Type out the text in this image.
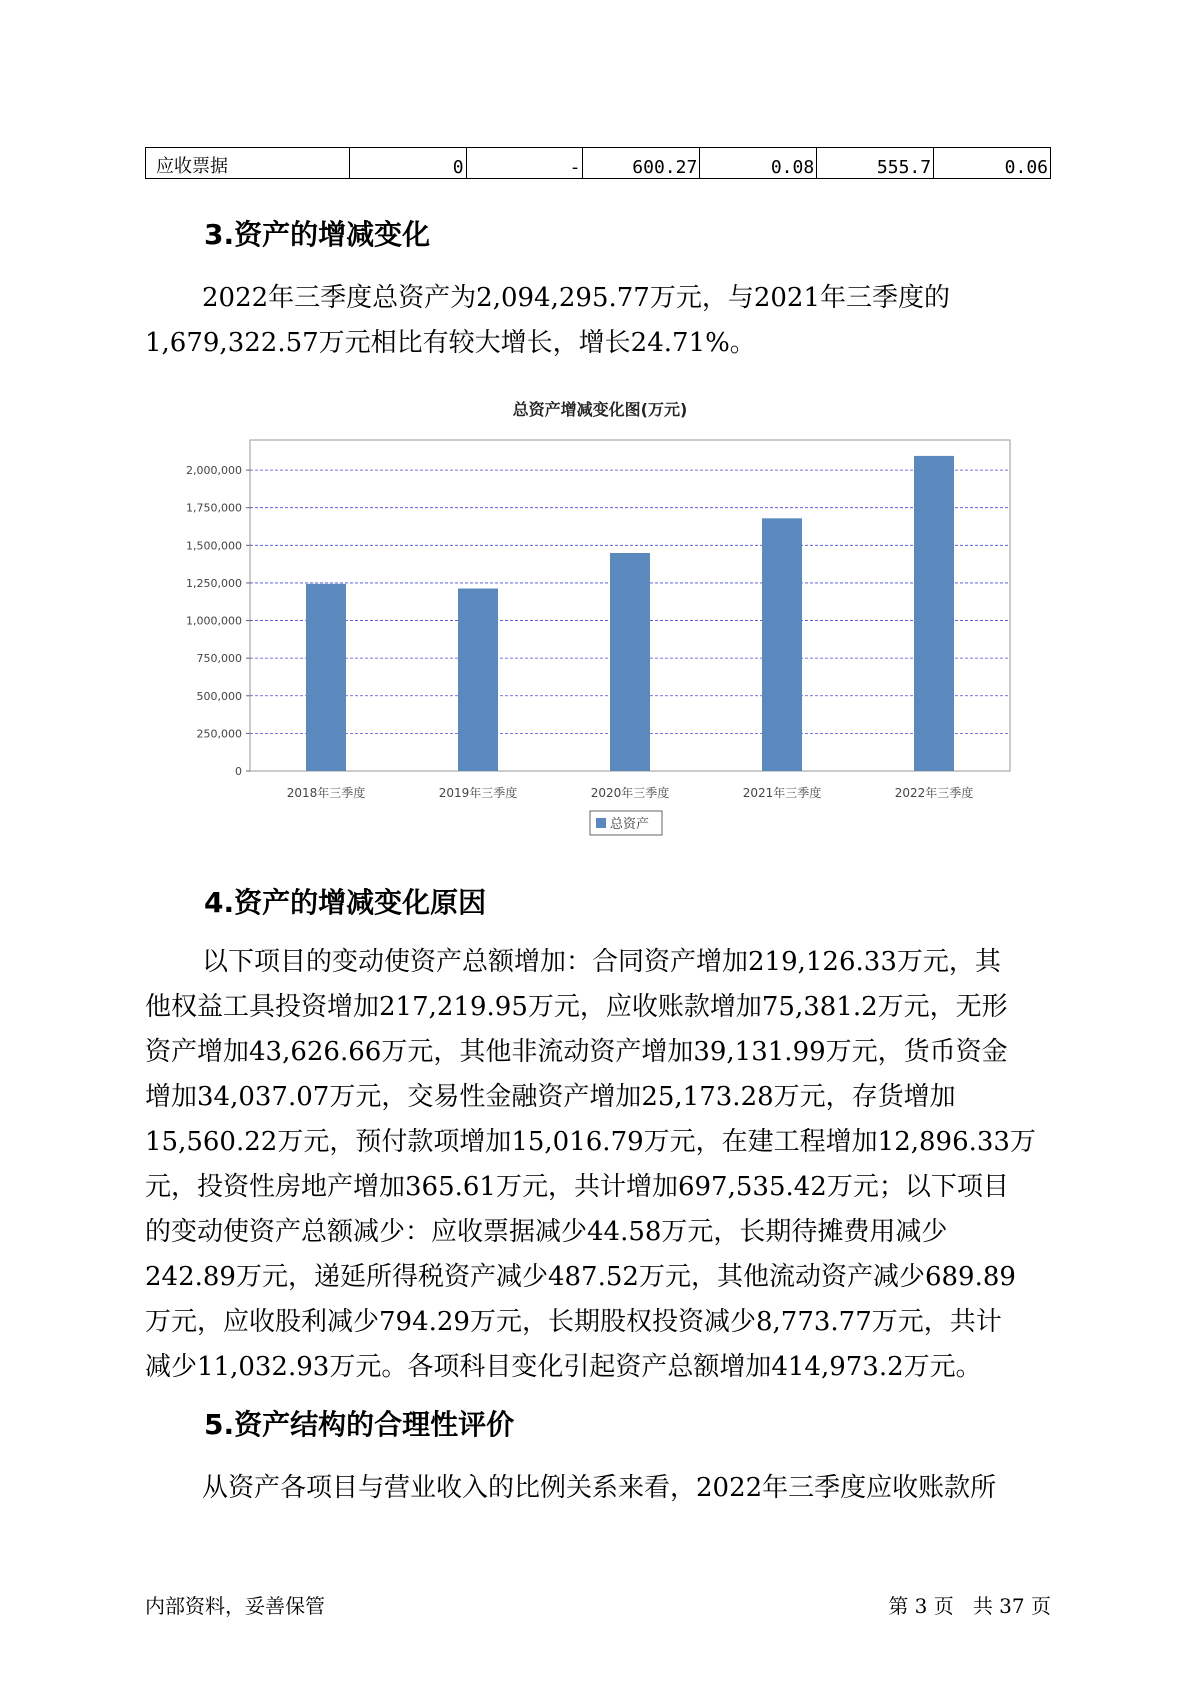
应收票据	0	-	600.27	0.08	555.7	0.06
3.资产的增减变化

2022年三季度总资产为2,094,295.77万元，与2021年三季度的

1,679,322.57万元相比有较大增长，增长24.71%。

总资产增减变化图(万元)
0
250,000
500,000
750,000
1,000,000
1,250,000
1,500,000
1,750,000
2,000,000
2018年三季度	2019年三季度	2020年三季度	2021年三季度	2022年三季度
总资产
4.资产的增减变化原因

以下项目的变动使资产总额增加：合同资产增加219,126.33万元，其

他权益工具投资增加217,219.95万元，应收账款增加75,381.2万元，无形

资产增加43,626.66万元，其他非流动资产增加39,131.99万元，货币资金

增加34,037.07万元，交易性金融资产增加25,173.28万元，存货增加

15,560.22万元，预付款项增加15,016.79万元，在建工程增加12,896.33万

元，投资性房地产增加365.61万元，共计增加697,535.42万元；以下项目

的变动使资产总额减少：应收票据减少44.58万元，长期待摊费用减少

242.89万元，递延所得税资产减少487.52万元，其他流动资产减少689.89

万元，应收股利减少794.29万元，长期股权投资减少8,773.77万元，共计

减少11,032.93万元。各项科目变化引起资产总额增加414,973.2万元。

5.资产结构的合理性评价

从资产各项目与营业收入的比例关系来看，2022年三季度应收账款所

内部资料，妥善保管	第 3 页   共 37 页
